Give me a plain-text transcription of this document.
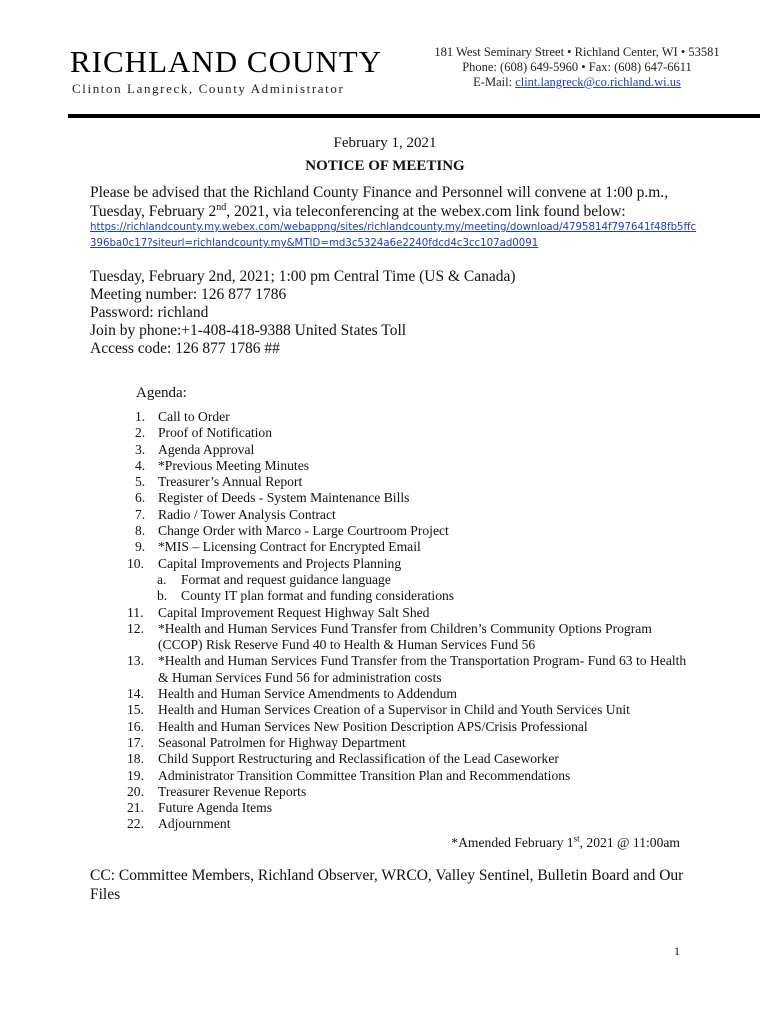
RICHLAND COUNTY
Clinton Langreck, County Administrator
181 West Seminary Street • Richland Center, WI • 53581
Phone: (608) 649-5960 • Fax: (608) 647-6611
E-Mail: clint.langreck@co.richland.wi.us
February 1, 2021
NOTICE OF MEETING
Please be advised that the Richland County Finance and Personnel will convene at 1:00 p.m., Tuesday, February 2nd, 2021, via teleconferencing at the webex.com link found below:
https://richlandcounty.my.webex.com/webappng/sites/richlandcounty.my/meeting/download/4795814f797641f48fb5ffc396ba0c17?siteurl=richlandcounty.my&MTID=md3c5324a6e2240fdcd4c3cc107ad0091
Tuesday, February 2nd, 2021; 1:00 pm Central Time (US & Canada)
Meeting number: 126 877 1786
Password: richland
Join by phone:+1-408-418-9388 United States Toll
Access code: 126 877 1786 ##
Agenda:
1. Call to Order
2. Proof of Notification
3. Agenda Approval
4. *Previous Meeting Minutes
5. Treasurer’s Annual Report
6. Register of Deeds - System Maintenance Bills
7. Radio / Tower Analysis Contract
8. Change Order with Marco - Large Courtroom Project
9. *MIS – Licensing Contract for Encrypted Email
10. Capital Improvements and Projects Planning
a. Format and request guidance language
b. County IT plan format and funding considerations
11. Capital Improvement Request Highway Salt Shed
12. *Health and Human Services Fund Transfer from Children’s Community Options Program (CCOP) Risk Reserve Fund 40 to Health & Human Services Fund 56
13. *Health and Human Services Fund Transfer from the Transportation Program- Fund 63 to Health & Human Services Fund 56 for administration costs
14. Health and Human Service Amendments to Addendum
15. Health and Human Services Creation of a Supervisor in Child and Youth Services Unit
16. Health and Human Services New Position Description APS/Crisis Professional
17. Seasonal Patrolmen for Highway Department
18. Child Support Restructuring and Reclassification of the Lead Caseworker
19. Administrator Transition Committee Transition Plan and Recommendations
20. Treasurer Revenue Reports
21. Future Agenda Items
22. Adjournment
*Amended February 1st, 2021 @ 11:00am
CC: Committee Members, Richland Observer, WRCO, Valley Sentinel, Bulletin Board and Our Files
1
